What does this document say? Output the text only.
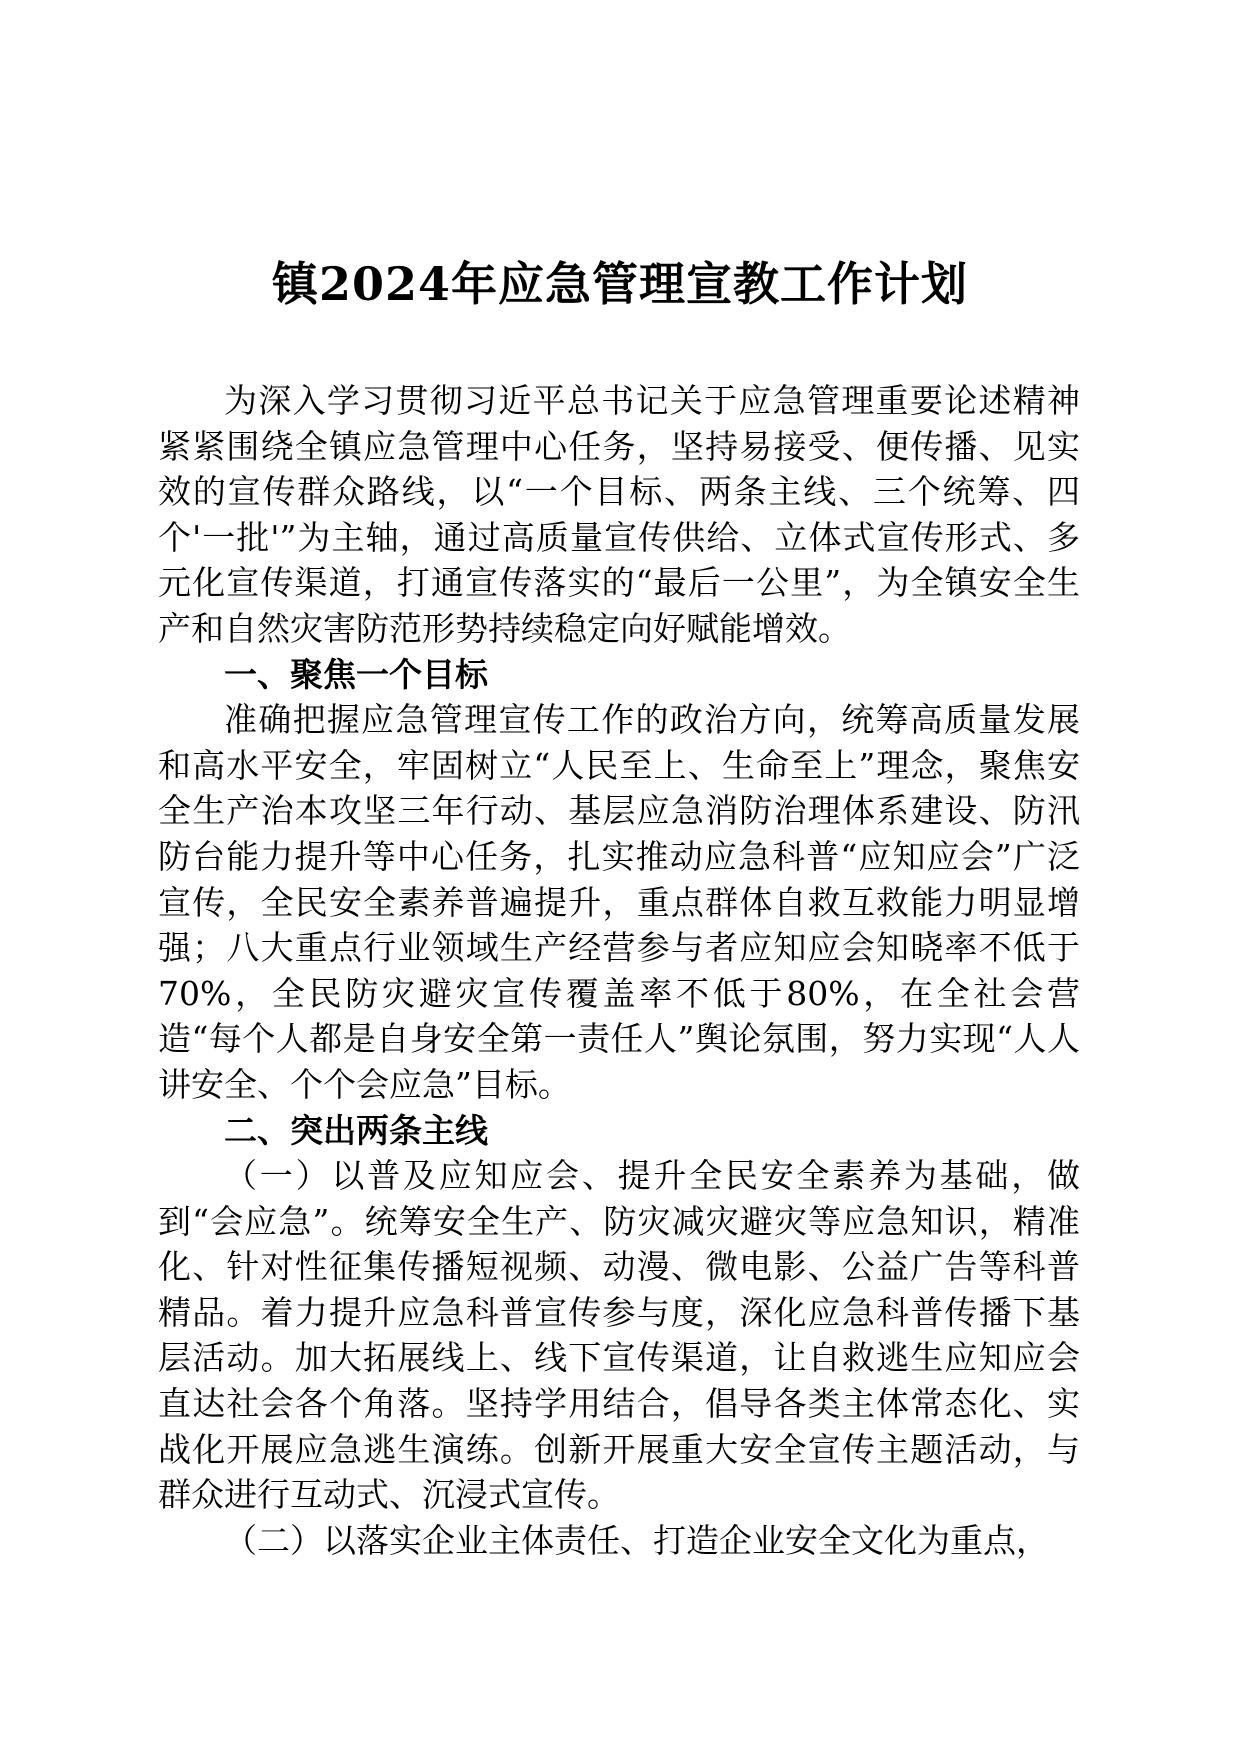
镇2024年应急管理宣教工作计划

为深入学习贯彻习近平总书记关于应急管理重要论述精神紧紧围绕全镇应急管理中心任务，坚持易接受、便传播、见实效的宣传群众路线，以“一个目标、两条主线、三个统筹、四个'一批'”为主轴，通过高质量宣传供给、立体式宣传形式、多元化宣传渠道，打通宣传落实的“最后一公里”，为全镇安全生产和自然灾害防范形势持续稳定向好赋能增效。

一、聚焦一个目标

准确把握应急管理宣传工作的政治方向，统筹高质量发展和高水平安全，牢固树立“人民至上、生命至上”理念，聚焦安全生产治本攻坚三年行动、基层应急消防治理体系建设、防汛防台能力提升等中心任务，扎实推动应急科普“应知应会”广泛宣传，全民安全素养普遍提升，重点群体自救互救能力明显增强；八大重点行业领域生产经营参与者应知应会知晓率不低于70%，全民防灾避灾宣传覆盖率不低于80%，在全社会营造“每个人都是自身安全第一责任人”舆论氛围，努力实现“人人讲安全、个个会应急”目标。

二、突出两条主线

（一）以普及应知应会、提升全民安全素养为基础，做到“会应急”。统筹安全生产、防灾减灾避灾等应急知识，精准化、针对性征集传播短视频、动漫、微电影、公益广告等科普精品。着力提升应急科普宣传参与度，深化应急科普传播下基层活动。加大拓展线上、线下宣传渠道，让自救逃生应知应会直达社会各个角落。坚持学用结合，倡导各类主体常态化、实战化开展应急逃生演练。创新开展重大安全宣传主题活动，与群众进行互动式、沉浸式宣传。

（二）以落实企业主体责任、打造企业安全文化为重点，
